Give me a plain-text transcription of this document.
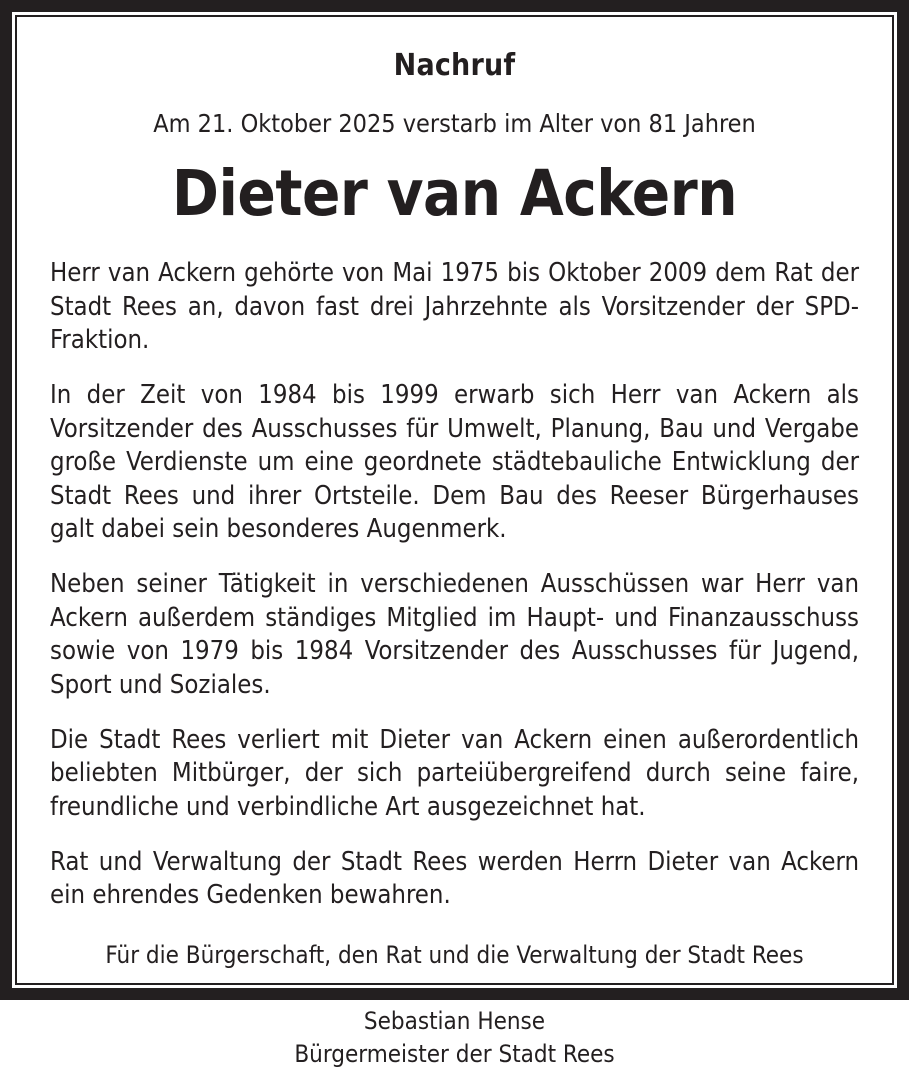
Nachruf
Am 21. Oktober 2025 verstarb im Alter von 81 Jahren
Dieter van Ackern

Herr van Ackern gehörte von Mai 1975 bis Oktober 2009 dem Rat der Stadt Rees an, davon fast drei Jahrzehnte als Vorsitzender der SPD-Fraktion.

In der Zeit von 1984 bis 1999 erwarb sich Herr van Ackern als Vorsitzender des Ausschusses für Umwelt, Planung, Bau und Vergabe große Verdienste um eine geordnete städtebauliche Entwicklung der Stadt Rees und ihrer Ortsteile. Dem Bau des Reeser Bürgerhauses galt dabei sein besonderes Augenmerk.

Neben seiner Tätigkeit in verschiedenen Ausschüssen war Herr van Ackern außerdem ständiges Mitglied im Haupt- und Finanzausschuss sowie von 1979 bis 1984 Vorsitzender des Ausschusses für Jugend, Sport und Soziales.

Die Stadt Rees verliert mit Dieter van Ackern einen außerordentlich beliebten Mitbürger, der sich parteiübergreifend durch seine faire, freundliche und verbindliche Art ausgezeichnet hat.

Rat und Verwaltung der Stadt Rees werden Herrn Dieter van Ackern ein ehrendes Gedenken bewahren.

Für die Bürgerschaft, den Rat und die Verwaltung der Stadt Rees
Sebastian Hense
Bürgermeister der Stadt Rees
